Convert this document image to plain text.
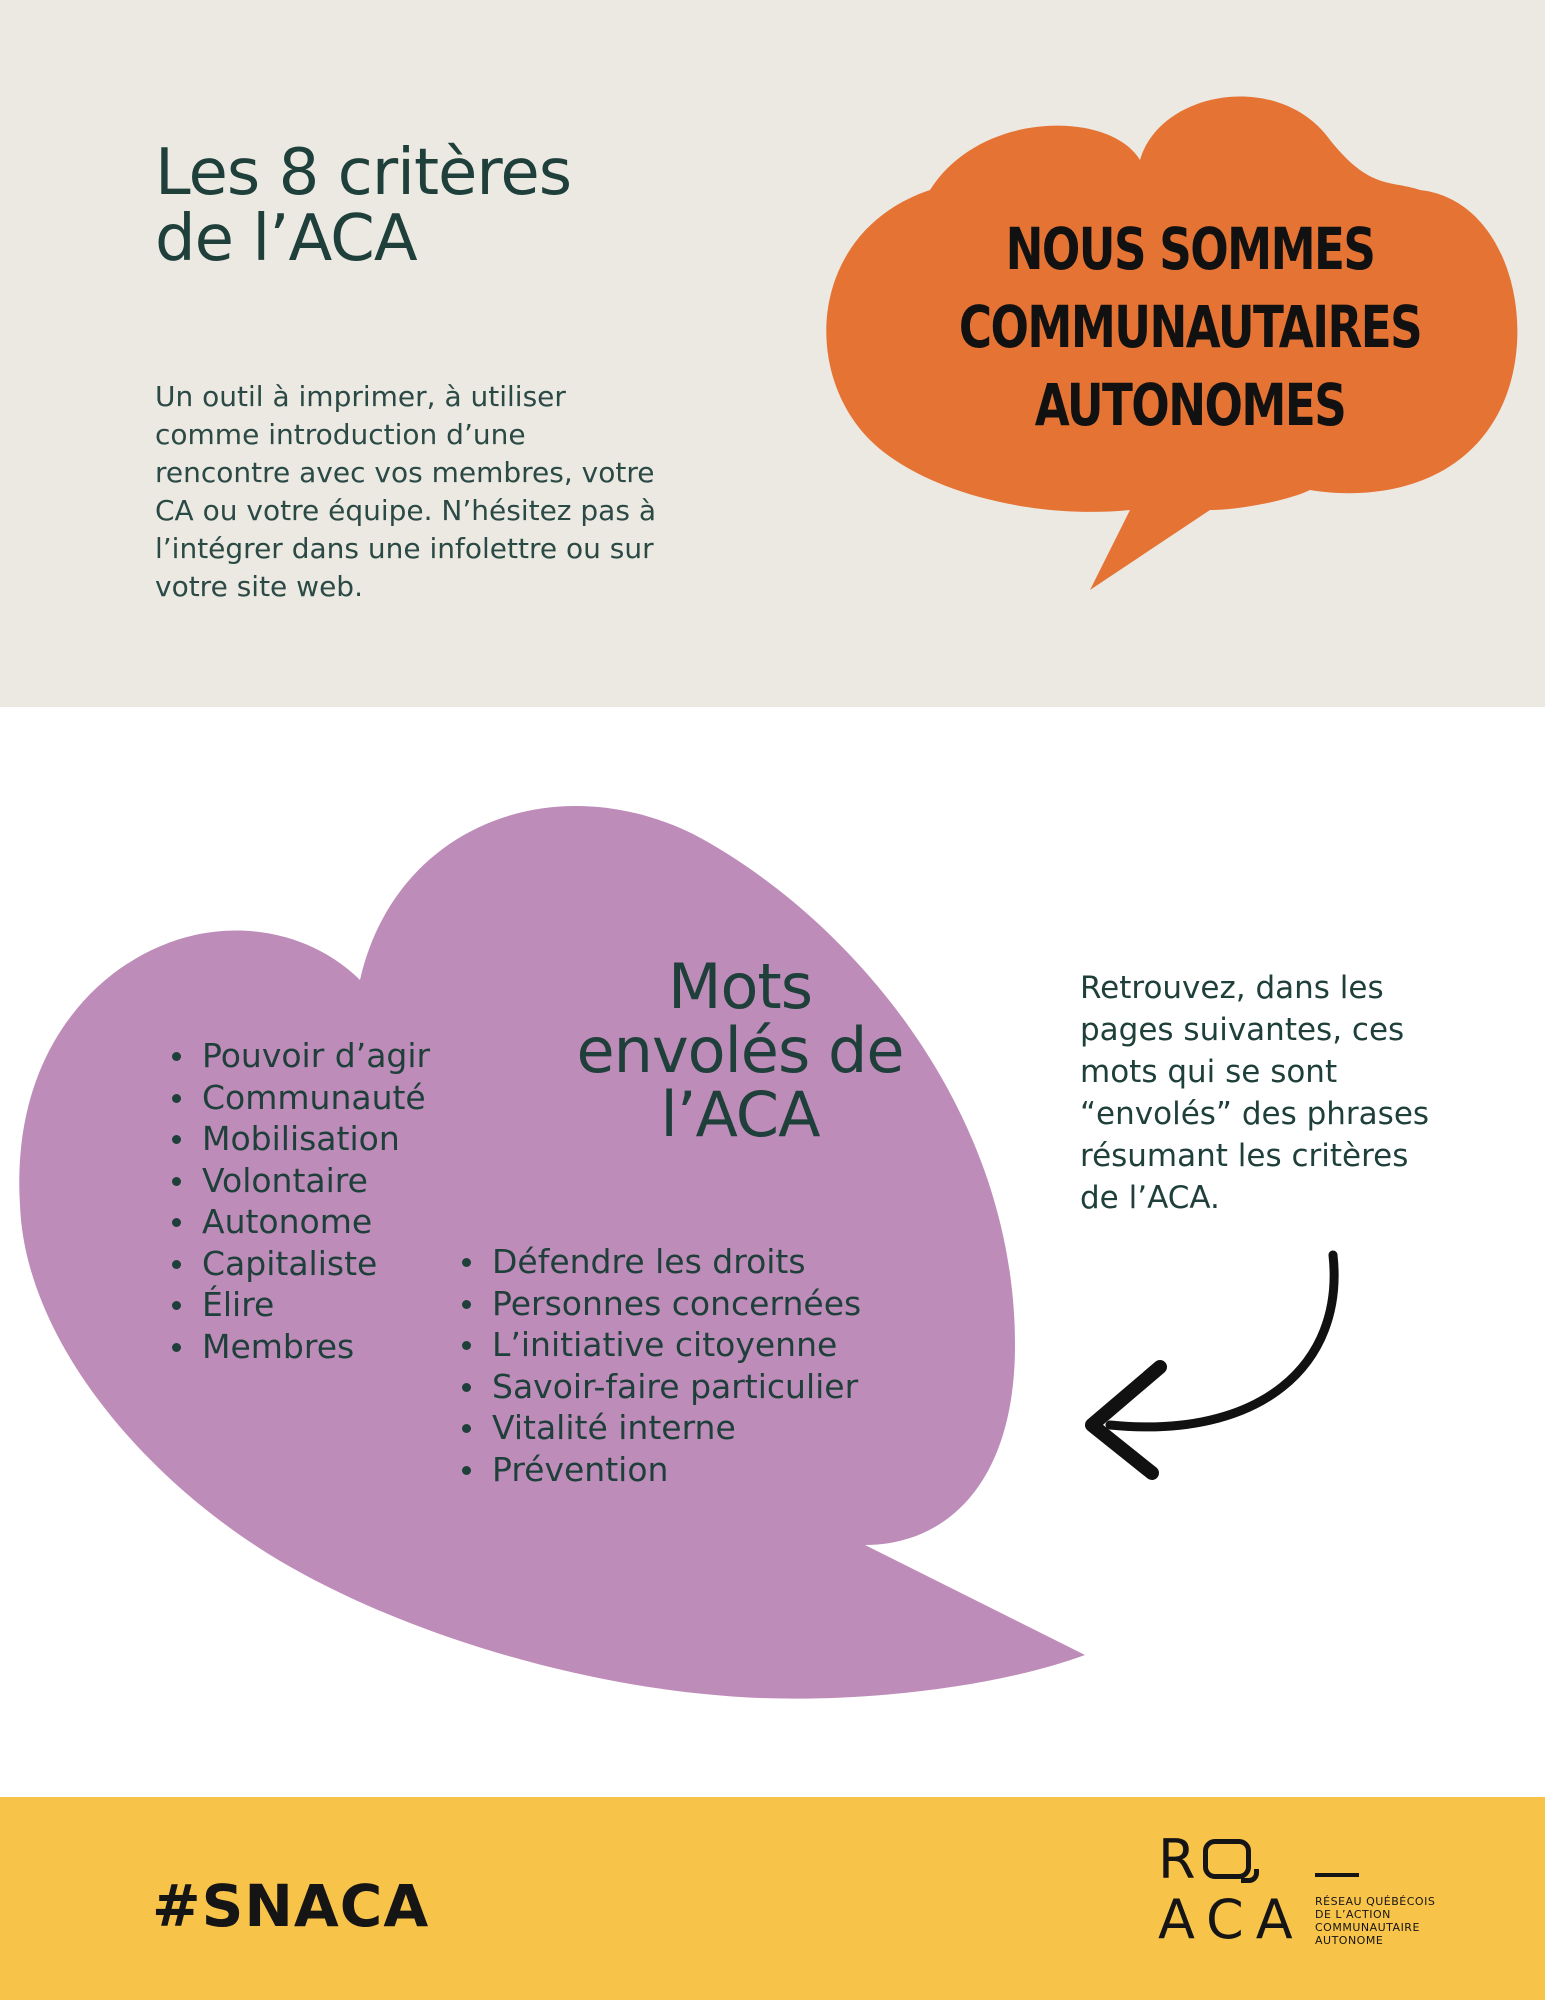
Les 8 critères
de l’ACA
Un outil à imprimer, à utiliser
comme introduction d’une
rencontre avec vos membres, votre
CA ou votre équipe. N’hésitez pas à
l’intégrer dans une infolettre ou sur
votre site web.
NOUS SOMMES
COMMUNAUTAIRES
AUTONOMES
Mots
envolés de
l’ACA
Pouvoir d’agir
Communauté
Mobilisation
Volontaire
Autonome
Capitaliste
Élire
Membres
Défendre les droits
Personnes concernées
L’initiative citoyenne
Savoir-faire particulier
Vitalité interne
Prévention
Retrouvez, dans les
pages suivantes, ces
mots qui se sont
“envolés” des phrases
résumant les critères
de l’ACA.
#SNACA
R
ACA RÉSEAU QUÉBÉCOIS
DE L’ACTION
COMMUNAUTAIRE
AUTONOME
